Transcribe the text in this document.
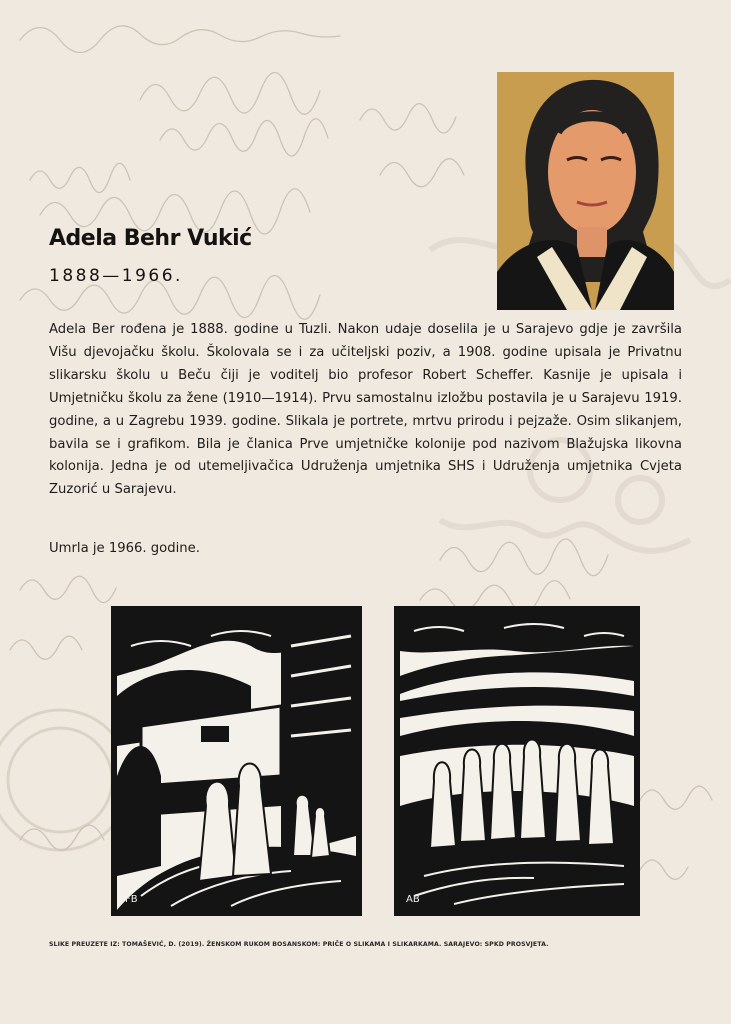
Adela Behr Vukić

1888—1966.

Adela Ber rođena je 1888. godine u Tuzli. Nakon udaje doselila je u Sarajevo gdje je završila Višu djevojačku školu. Školovala se i za učiteljski poziv, a 1908. godine upisala je Privatnu slikarsku školu u Beču čiji je voditelj bio profesor Robert Scheffer. Kasnije je upisala i Umjetničku školu za žene (1910—1914). Prvu samostalnu izložbu postavila je u Sarajevu 1919. godine, a u Zagrebu 1939. godine. Slikala je portrete, mrtvu prirodu i pejzaže. Osim slikanjem, bavila se i grafikom. Bila je članica Prve umjetničke kolonije pod nazivom Blažujska likovna kolonija. Jedna je od utemeljivačica Udruženja umjetnika SHS i Udruženja umjetnika Cvjeta Zuzorić u Sarajevu.

Umrla je 1966. godine.

FB	AB

SLIKE PREUZETE IZ: TOMAŠEVIĆ, D. (2019). ŽENSKOM RUKOM BOSANSKOM: PRIČE O SLIKAMA I SLIKARKAMA. SARAJEVO: SPKD PROSVJETA.
